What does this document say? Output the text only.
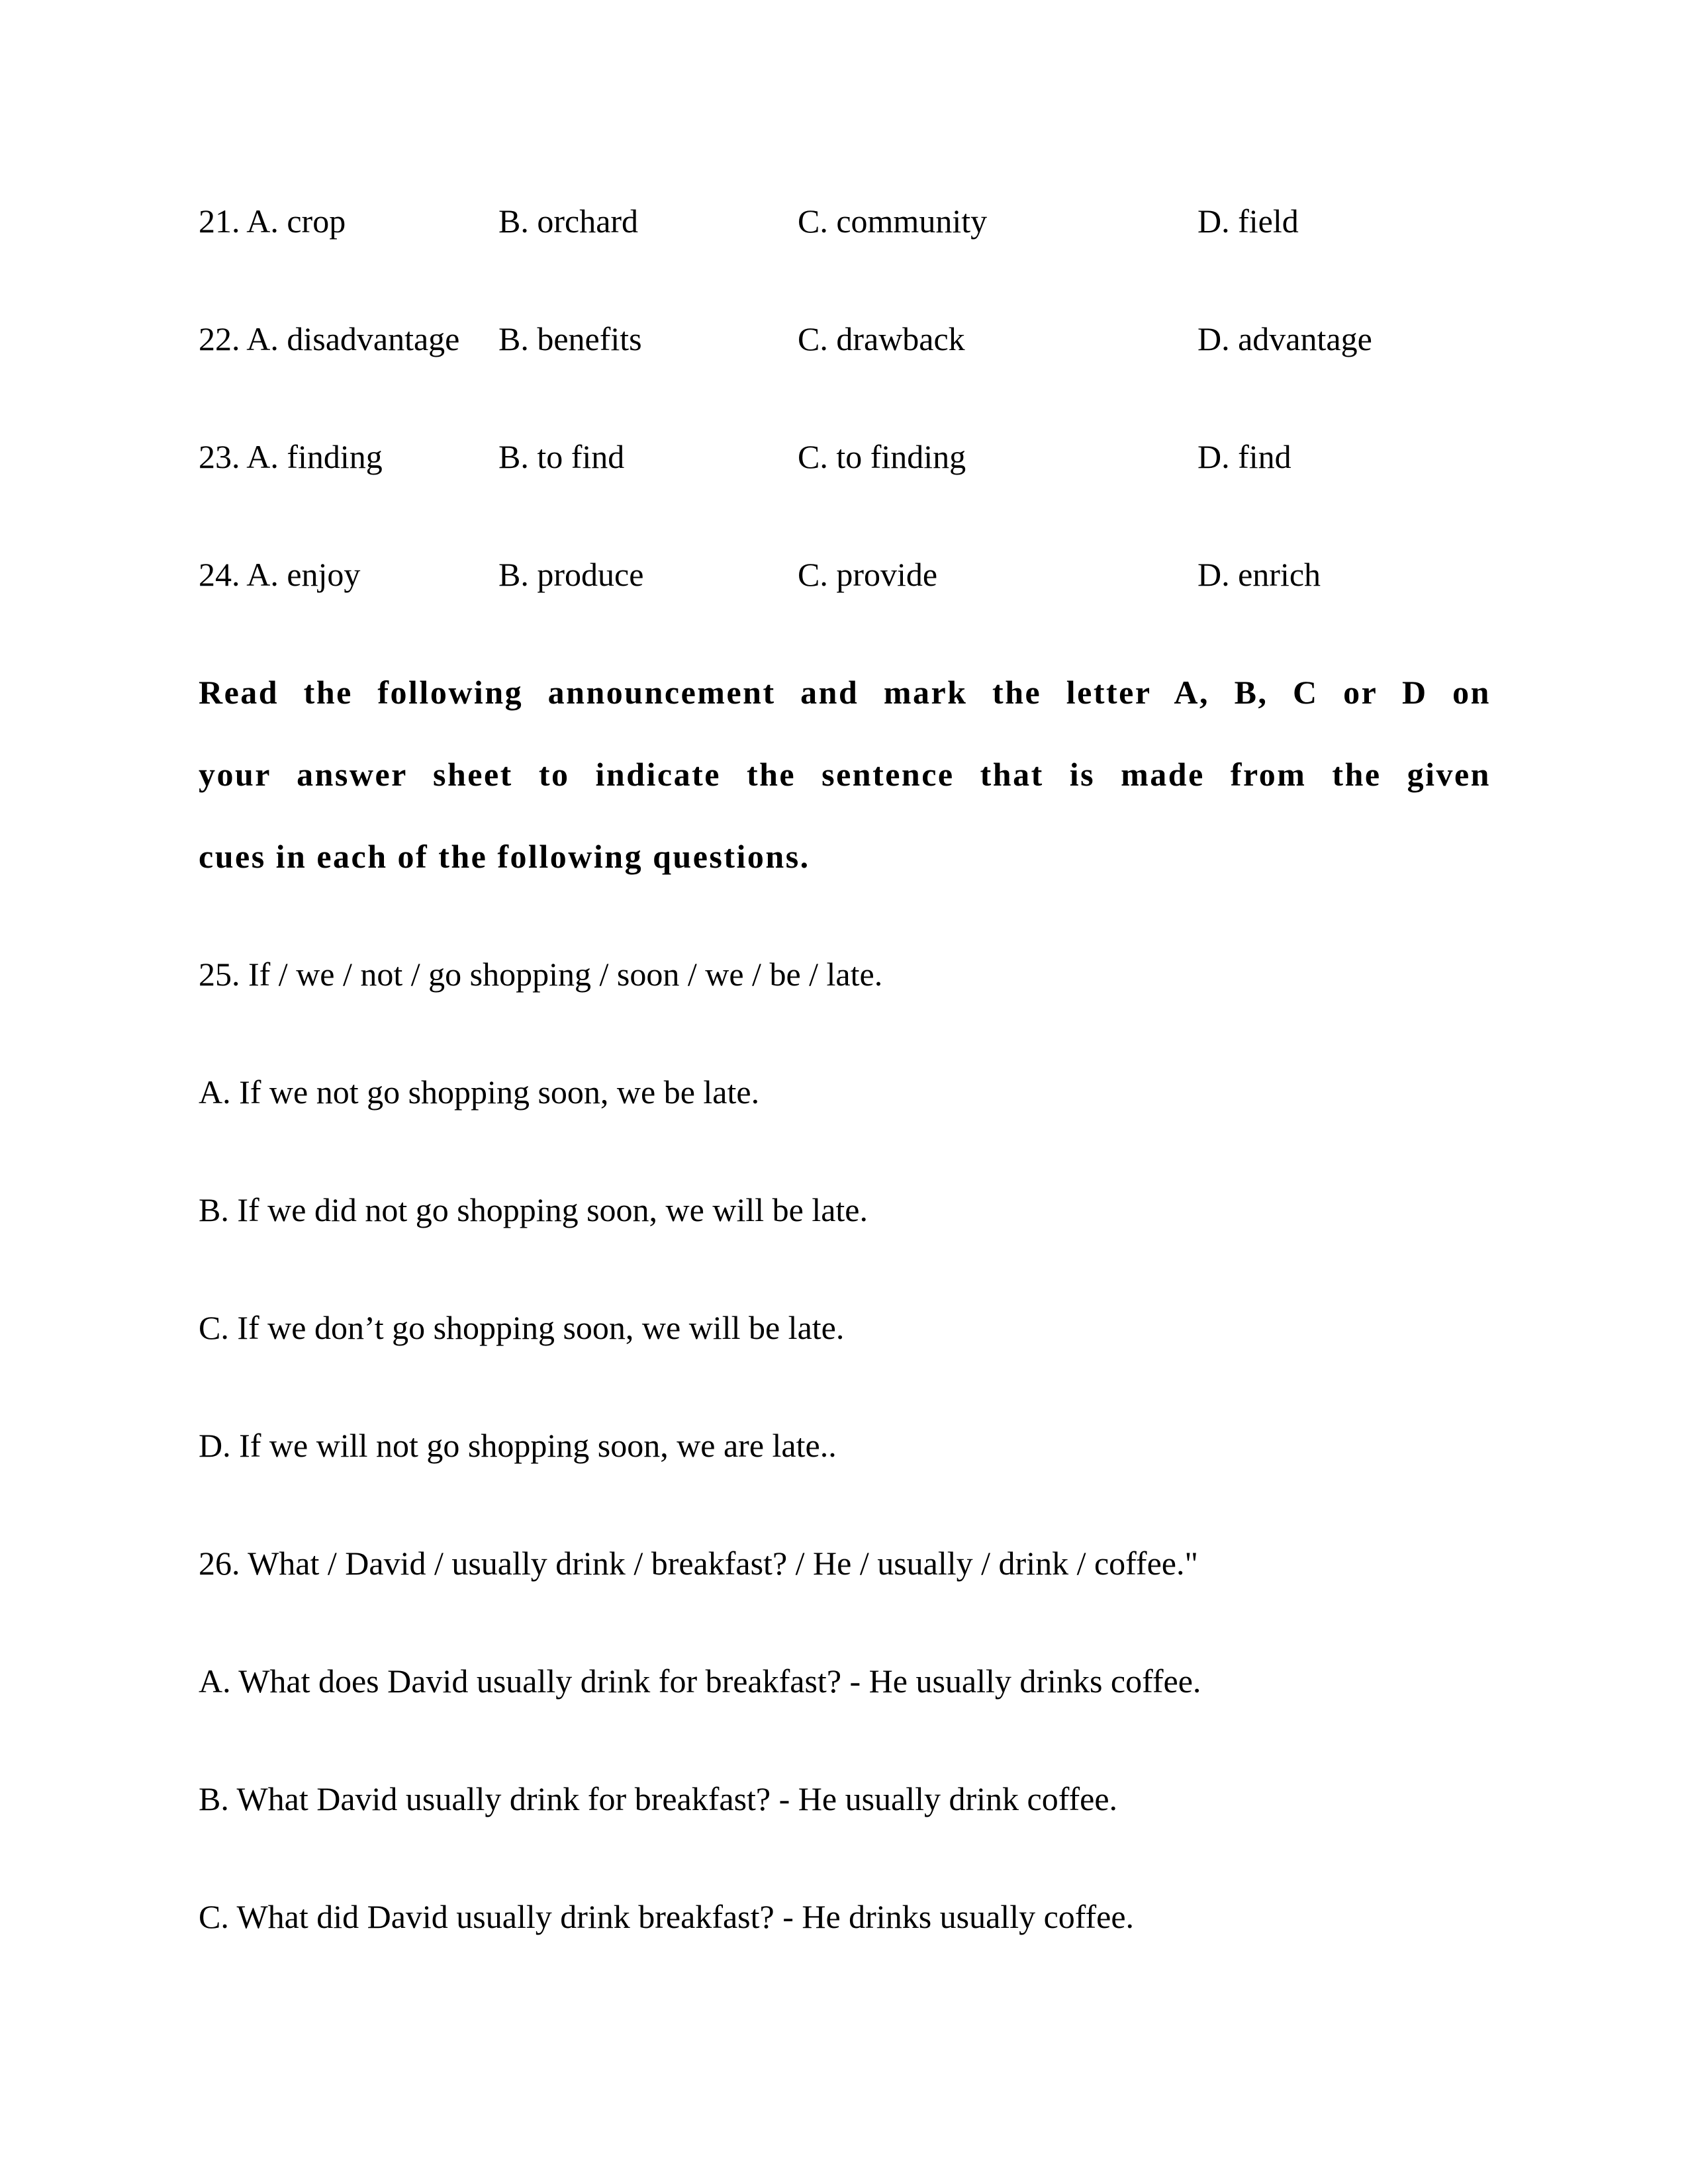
21. A. crop	B. orchard	C. community	D. field
22. A. disadvantage	B. benefits	C. drawback	D. advantage
23. A. finding	B. to find	C. to finding	D. find
24. A. enjoy	B. produce	C. provide	D. enrich
Read the following announcement and mark the letter A, B, C or D on
your answer sheet to indicate the sentence that is made from the given
cues in each of the following questions.
25. If / we / not / go shopping / soon / we / be / late.
A. If we not go shopping soon, we be late.
B. If we did not go shopping soon, we will be late.
C. If we don’t go shopping soon, we will be late.
D. If we will not go shopping soon, we are late..
26. What / David / usually drink / breakfast? / He / usually / drink / coffee."
A. What does David usually drink for breakfast? - He usually drinks coffee.
B. What David usually drink for breakfast? - He usually drink coffee.
C. What did David usually drink breakfast? - He drinks usually coffee.
